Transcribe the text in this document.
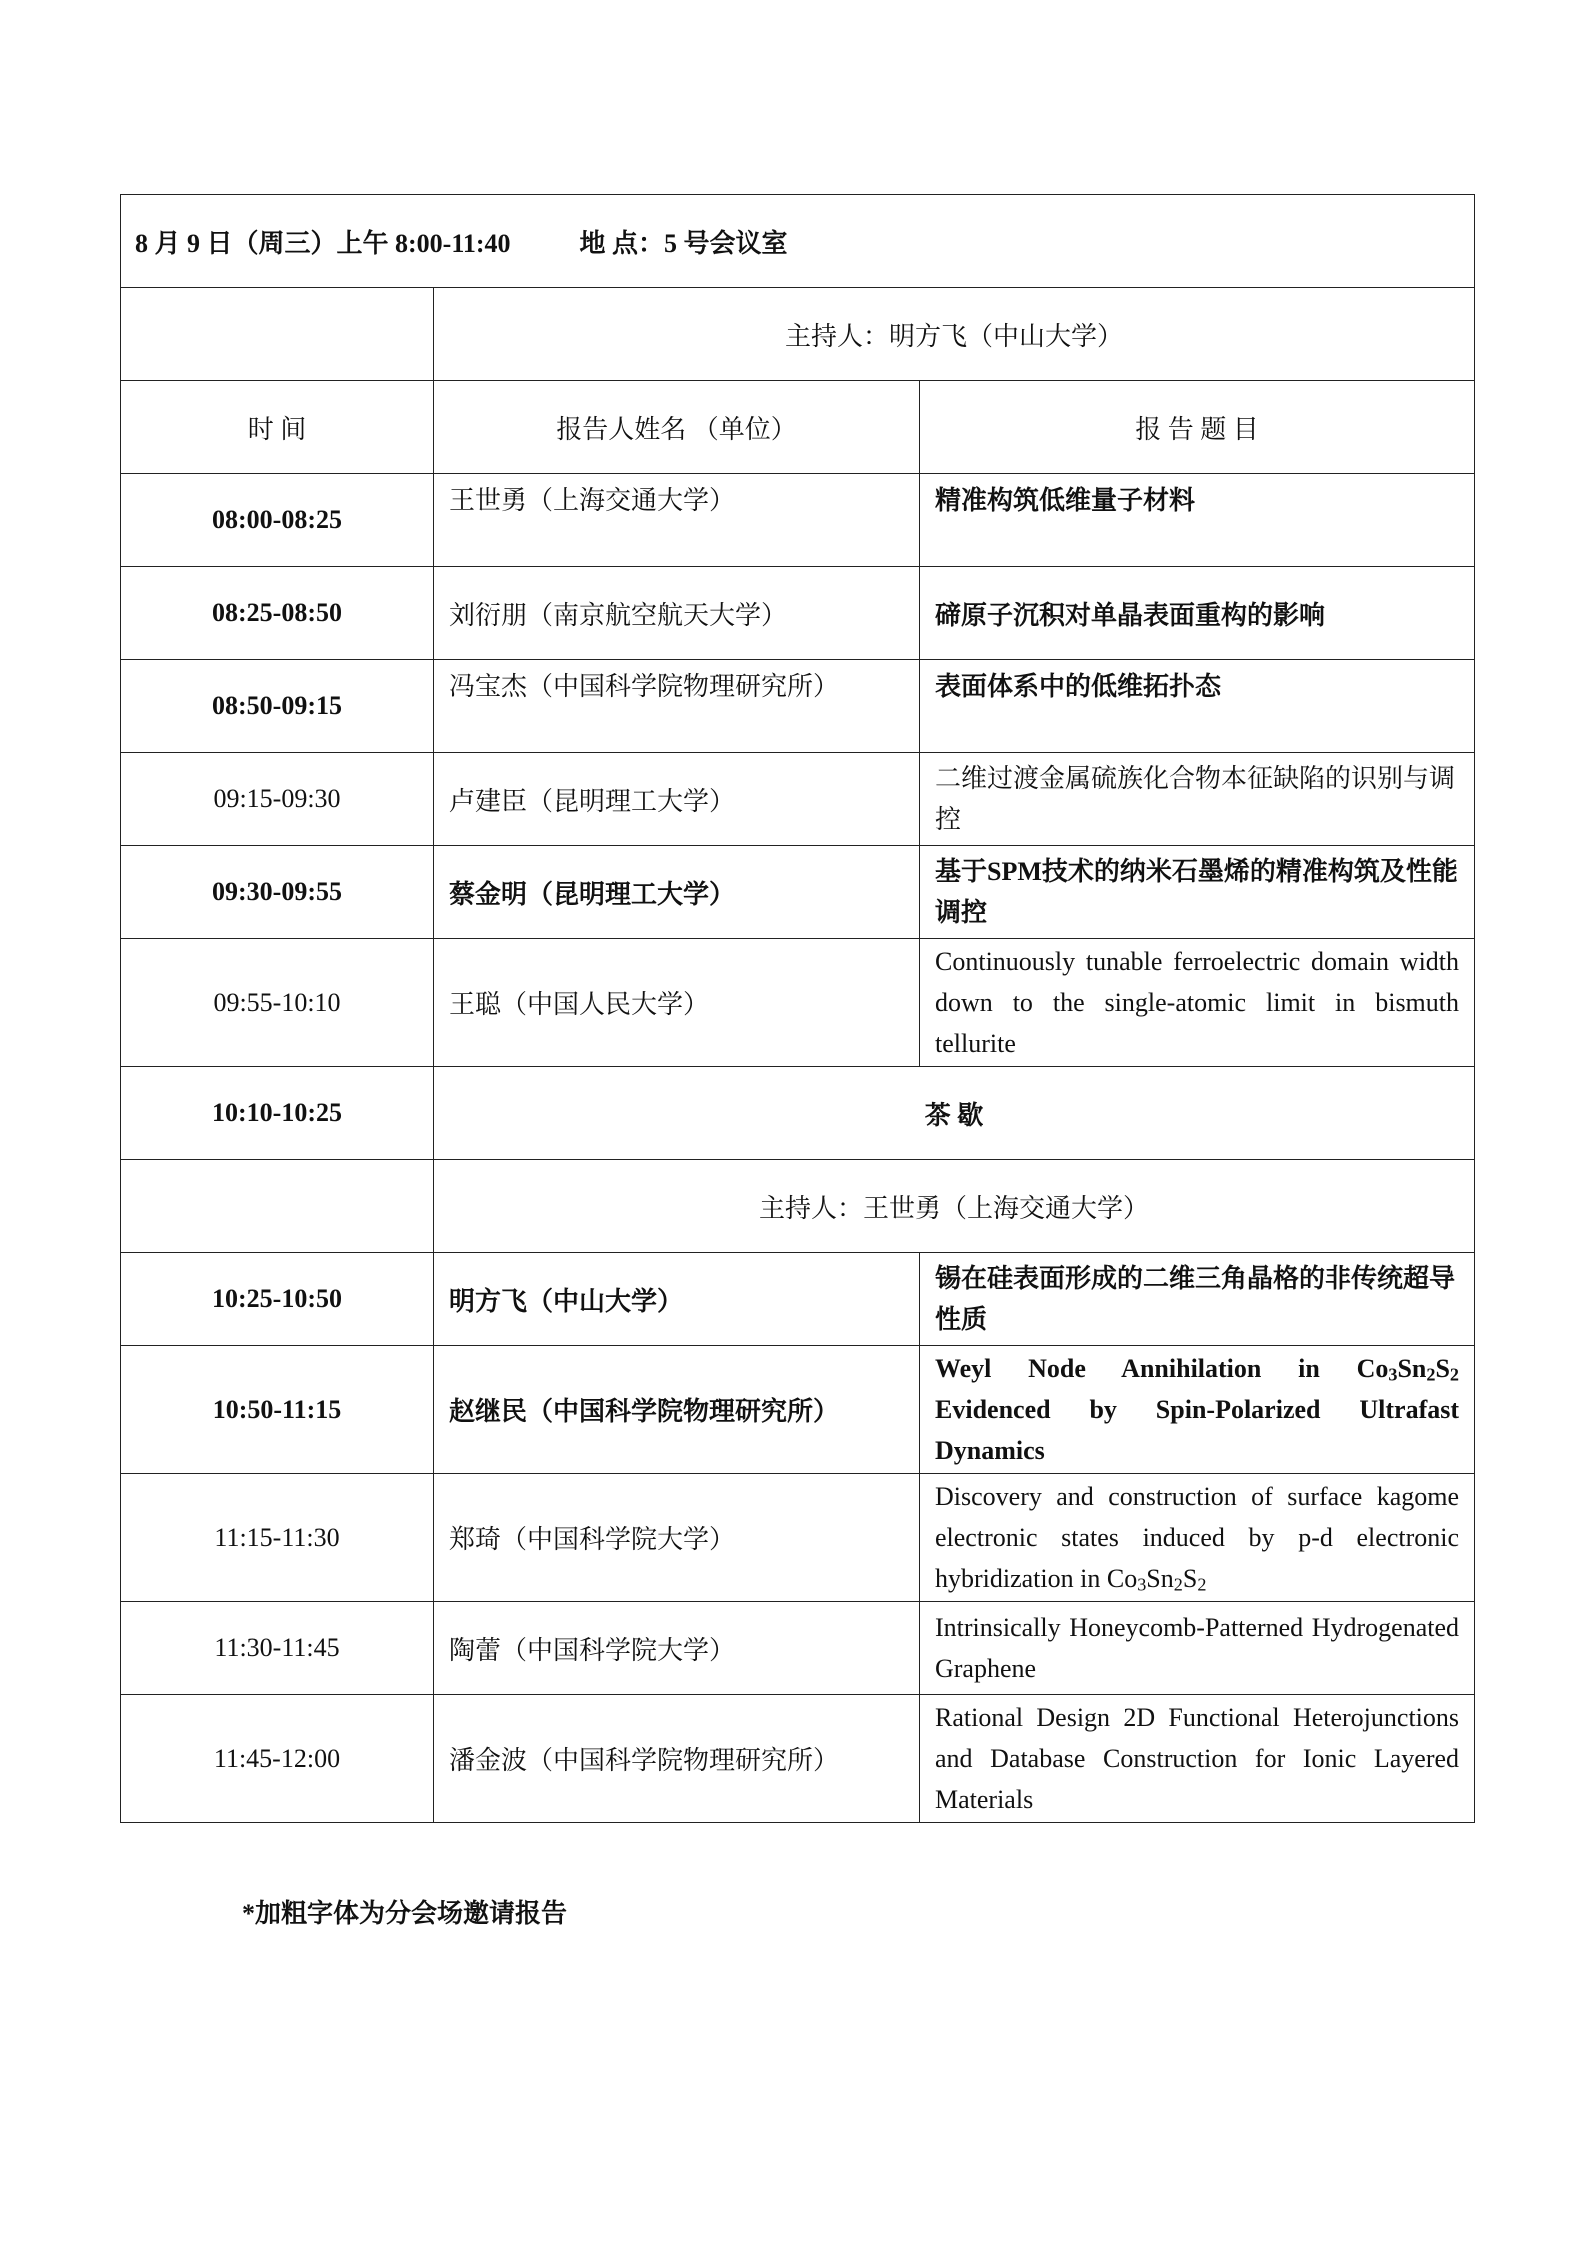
8 月 9 日（周三）上午 8:00-11:40 地 点：5 号会议室		
	主持人：明方飞（中山大学）	
时 间	报告人姓名 （单位）	报 告 题 目
08:00-08:25	王世勇（上海交通大学）	精准构筑低维量子材料
08:25-08:50	刘衍朋（南京航空航天大学）	碲原子沉积对单晶表面重构的影响
08:50-09:15	冯宝杰（中国科学院物理研究所）	表面体系中的低维拓扑态
09:15-09:30	卢建臣（昆明理工大学）	二维过渡金属硫族化合物本征缺陷的识别与调控
09:30-09:55	蔡金明（昆明理工大学）	基于SPM技术的纳米石墨烯的精准构筑及性能调控
09:55-10:10	王聪（中国人民大学）	Continuously tunable ferroelectric domain width down to the single-atomic limit in bismuth tellurite
10:10-10:25	茶 歇	
	主持人：王世勇（上海交通大学）	
10:25-10:50	明方飞（中山大学）	锡在硅表面形成的二维三角晶格的非传统超导性质
10:50-11:15	赵继民（中国科学院物理研究所）	Weyl Node Annihilation in $Co_3Sn_2S_2$ Evidenced by Spin-Polarized Ultrafast Dynamics
11:15-11:30	郑琦（中国科学院大学）	Discovery and construction of surface kagome electronic states induced by p-d electronic hybridization in $Co_3Sn_2S_2$
11:30-11:45	陶蕾（中国科学院大学）	Intrinsically Honeycomb-Patterned Hydrogenated Graphene
11:45-12:00	潘金波（中国科学院物理研究所）	Rational Design 2D Functional Heterojunctions and Database Construction for Ionic Layered Materials
*加粗字体为分会场邀请报告
